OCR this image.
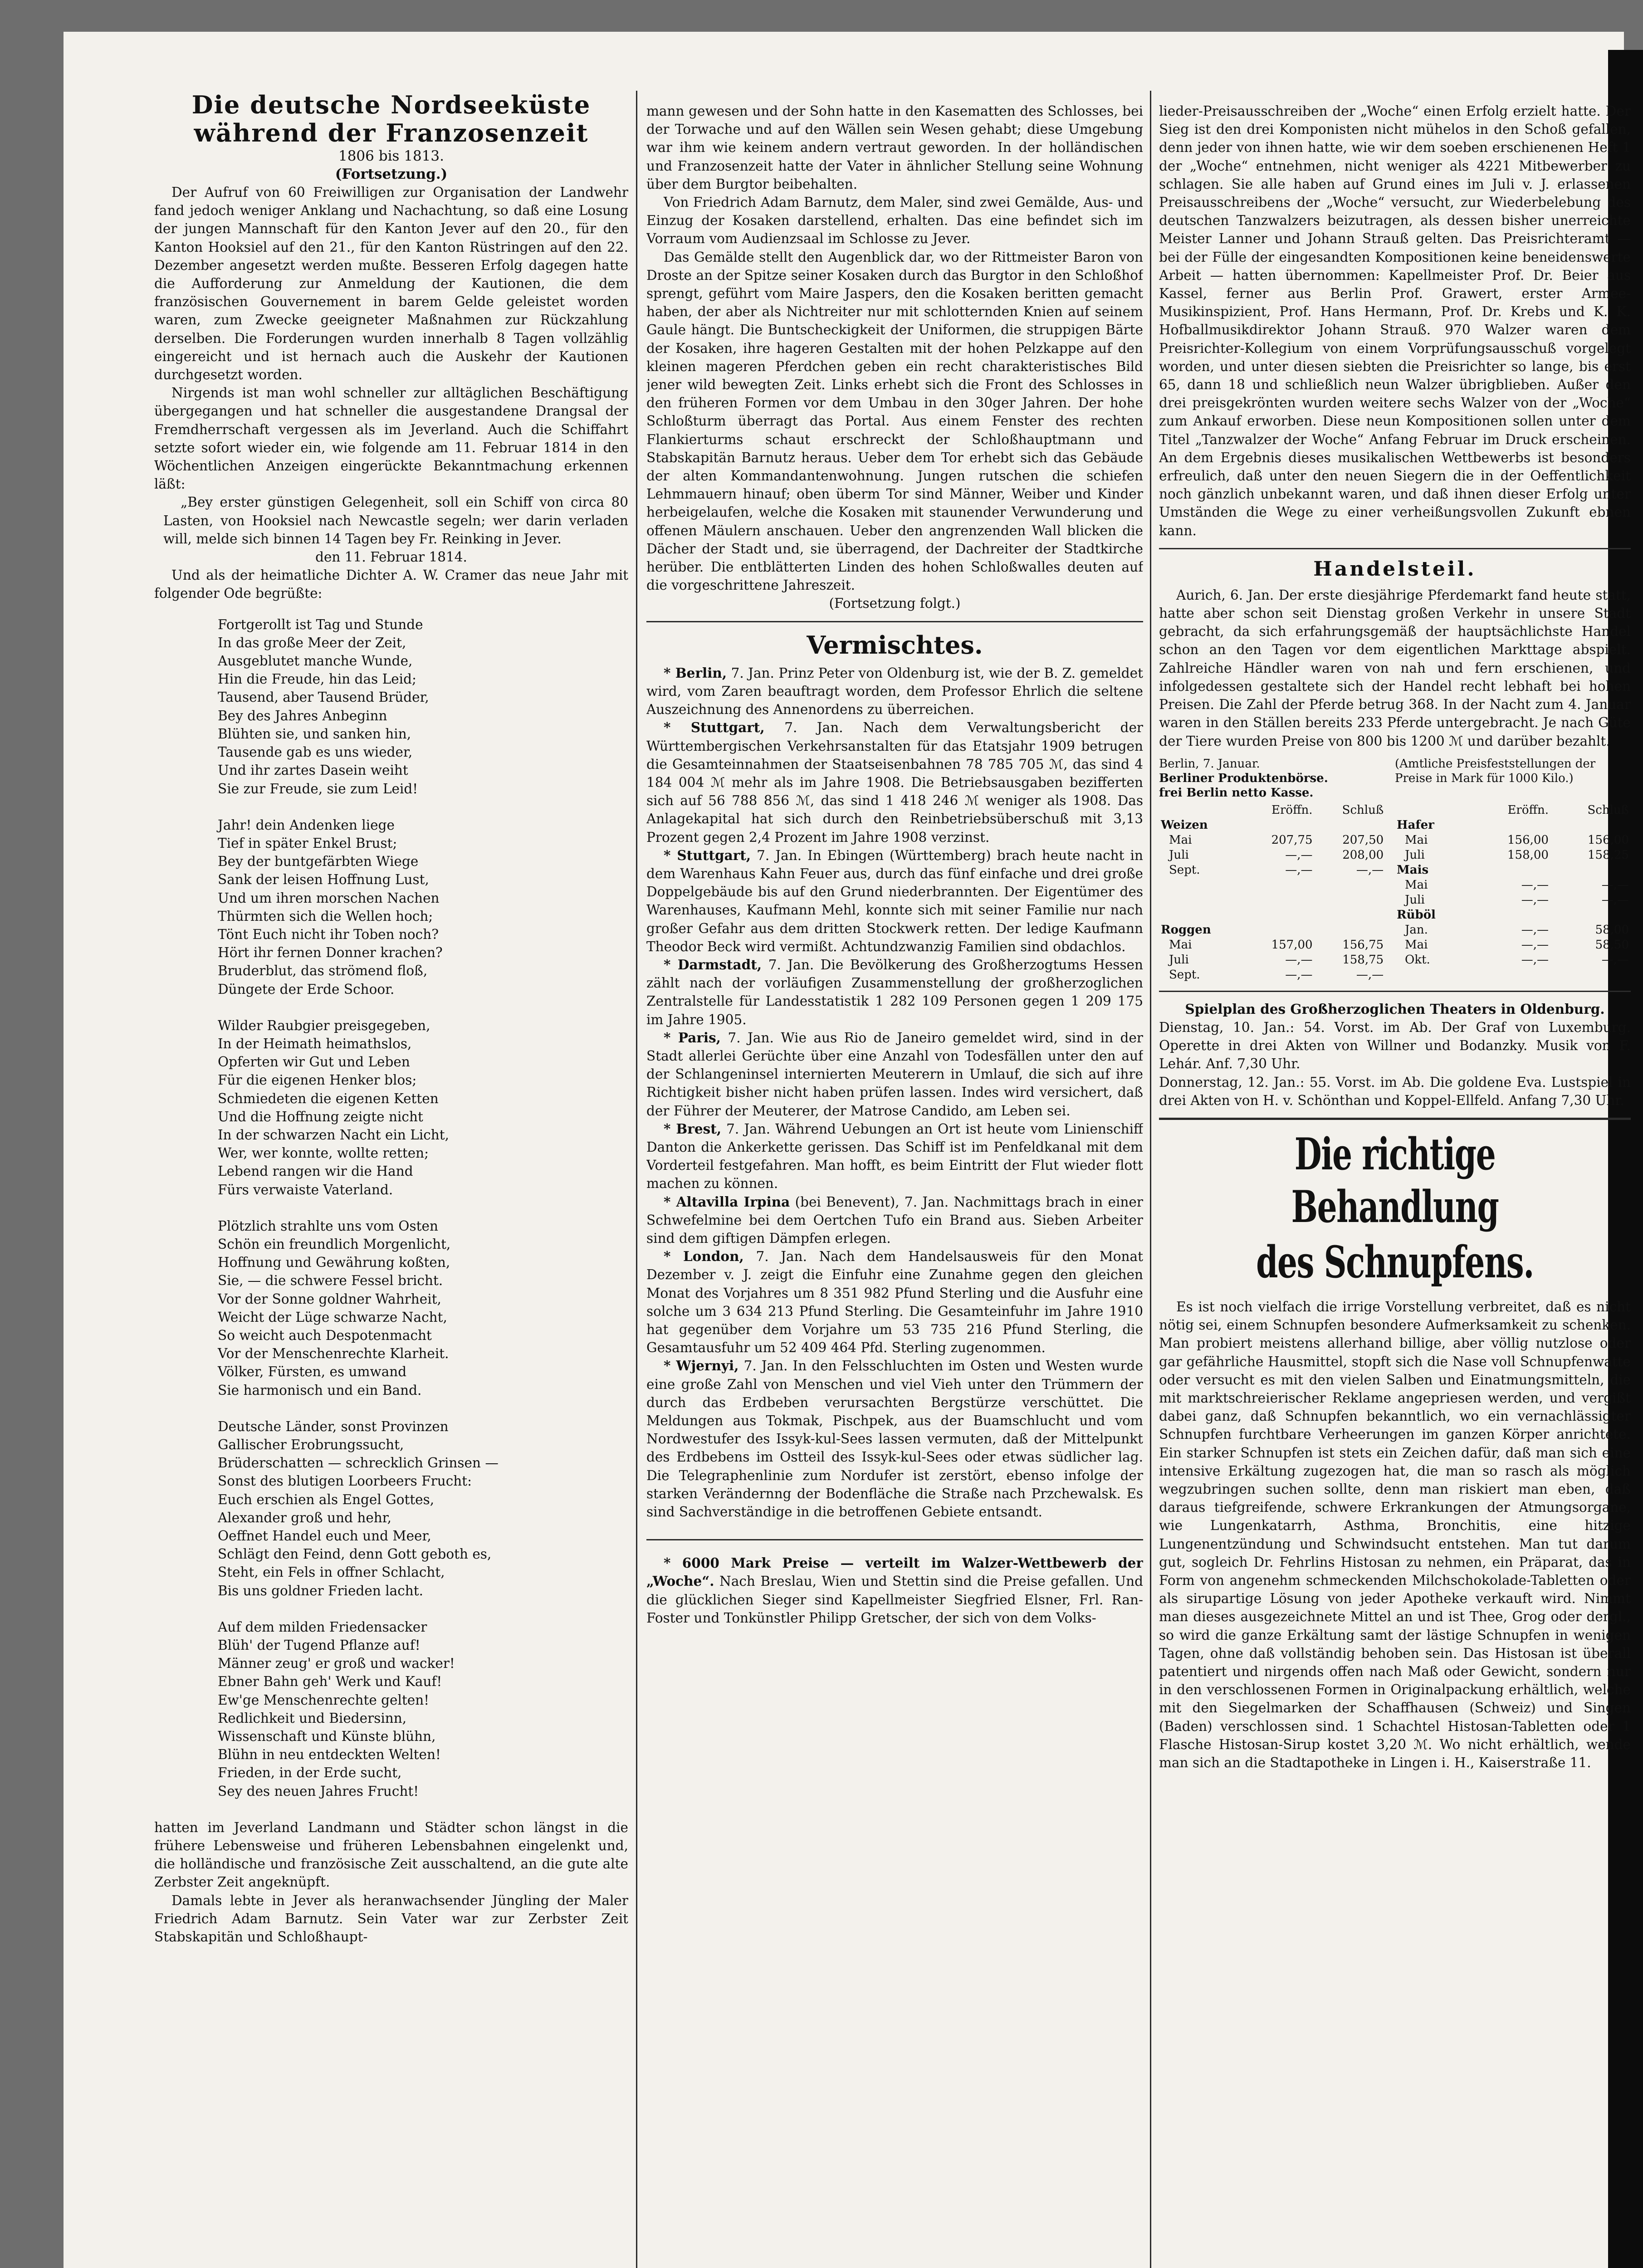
Die deutsche Nordseeküste
während der Franzosenzeit

1806 bis 1813.

(Fortsetzung.)

Der Aufruf von 60 Freiwilligen zur Organisation der Landwehr fand jedoch weniger Anklang und Nachachtung, so daß eine Losung der jungen Mannschaft für den Kanton Jever auf den 20., für den Kanton Hooksiel auf den 21., für den Kanton Rüstringen auf den 22. Dezember angesetzt werden mußte. Besseren Erfolg dagegen hatte die Aufforderung zur Anmeldung der Kautionen, die dem französischen Gouvernement in barem Gelde geleistet worden waren, zum Zwecke geeigneter Maßnahmen zur Rückzahlung derselben. Die Forderungen wurden innerhalb 8 Tagen vollzählig eingereicht und ist hernach auch die Auskehr der Kautionen durchgesetzt worden.

Nirgends ist man wohl schneller zur alltäglichen Beschäftigung übergegangen und hat schneller die ausgestandene Drangsal der Fremdherrschaft vergessen als im Jeverland. Auch die Schiffahrt setzte sofort wieder ein, wie folgende am 11. Februar 1814 in den Wöchentlichen Anzeigen eingerückte Bekanntmachung erkennen läßt:

„Bey erster günstigen Gelegenheit, soll ein Schiff von circa 80 Lasten, von Hooksiel nach Newcastle segeln; wer darin verladen will, melde sich binnen 14 Tagen bey Fr. Reinking in Jever.

den 11. Februar 1814.

Und als der heimatliche Dichter A. W. Cramer das neue Jahr mit folgender Ode begrüßte:

Fortgerollt ist Tag und Stunde
In das große Meer der Zeit,
Ausgeblutet manche Wunde,
Hin die Freude, hin das Leid;
Tausend, aber Tausend Brüder,
Bey des Jahres Anbeginn
Blühten sie, und sanken hin,
Tausende gab es uns wieder,
Und ihr zartes Dasein weiht
Sie zur Freude, sie zum Leid!

Jahr! dein Andenken liege
Tief in später Enkel Brust;
Bey der buntgefärbten Wiege
Sank der leisen Hoffnung Lust,
Und um ihren morschen Nachen
Thürmten sich die Wellen hoch;
Tönt Euch nicht ihr Toben noch?
Hört ihr fernen Donner krachen?
Bruderblut, das strömend floß,
Düngete der Erde Schoor.

Wilder Raubgier preisgegeben,
In der Heimath heimathslos,
Opferten wir Gut und Leben
Für die eigenen Henker blos;
Schmiedeten die eigenen Ketten
Und die Hoffnung zeigte nicht
In der schwarzen Nacht ein Licht,
Wer, wer konnte, wollte retten;
Lebend rangen wir die Hand
Fürs verwaiste Vaterland.

Plötzlich strahlte uns vom Osten
Schön ein freundlich Morgenlicht,
Hoffnung und Gewährung koßten,
Sie, — die schwere Fessel bricht.
Vor der Sonne goldner Wahrheit,
Weicht der Lüge schwarze Nacht,
So weicht auch Despotenmacht
Vor der Menschenrechte Klarheit.
Völker, Fürsten, es umwand
Sie harmonisch und ein Band.

Deutsche Länder, sonst Provinzen
Gallischer Erobrungssucht,
Brüderschatten — schrecklich Grinsen —
Sonst des blutigen Loorbeers Frucht:
Euch erschien als Engel Gottes,
Alexander groß und hehr,
Oeffnet Handel euch und Meer,
Schlägt den Feind, denn Gott geboth es,
Steht, ein Fels in offner Schlacht,
Bis uns goldner Frieden lacht.

Auf dem milden Friedensacker
Blüh' der Tugend Pflanze auf!
Männer zeug' er groß und wacker!
Ebner Bahn geh' Werk und Kauf!
Ew'ge Menschenrechte gelten!
Redlichkeit und Biedersinn,
Wissenschaft und Künste blühn,
Blühn in neu entdeckten Welten!
Frieden, in der Erde sucht,
Sey des neuen Jahres Frucht!

hatten im Jeverland Landmann und Städter schon längst in die frühere Lebensweise und früheren Lebensbahnen eingelenkt und, die holländische und französische Zeit ausschaltend, an die gute alte Zerbster Zeit angeknüpft.

Damals lebte in Jever als heranwachsender Jüngling der Maler Friedrich Adam Barnutz. Sein Vater war zur Zerbster Zeit Stabskapitän und Schloßhaupt-

mann gewesen und der Sohn hatte in den Kasematten des Schlosses, bei der Torwache und auf den Wällen sein Wesen gehabt; diese Umgebung war ihm wie keinem andern vertraut geworden. In der holländischen und Franzosenzeit hatte der Vater in ähnlicher Stellung seine Wohnung über dem Burgtor beibehalten.

Von Friedrich Adam Barnutz, dem Maler, sind zwei Gemälde, Aus- und Einzug der Kosaken darstellend, erhalten. Das eine befindet sich im Vorraum vom Audienzsaal im Schlosse zu Jever.

Das Gemälde stellt den Augenblick dar, wo der Rittmeister Baron von Droste an der Spitze seiner Kosaken durch das Burgtor in den Schloßhof sprengt, geführt vom Maire Jaspers, den die Kosaken beritten gemacht haben, der aber als Nichtreiter nur mit schlotternden Knien auf seinem Gaule hängt. Die Buntscheckigkeit der Uniformen, die struppigen Bärte der Kosaken, ihre hageren Gestalten mit der hohen Pelzkappe auf den kleinen mageren Pferdchen geben ein recht charakteristisches Bild jener wild bewegten Zeit. Links erhebt sich die Front des Schlosses in den früheren Formen vor dem Umbau in den 30ger Jahren. Der hohe Schloßturm überragt das Portal. Aus einem Fenster des rechten Flankierturms schaut erschreckt der Schloßhauptmann und Stabskapitän Barnutz heraus. Ueber dem Tor erhebt sich das Gebäude der alten Kommandantenwohnung. Jungen rutschen die schiefen Lehmmauern hinauf; oben überm Tor sind Männer, Weiber und Kinder herbeigelaufen, welche die Kosaken mit staunender Verwunderung und offenen Mäulern anschauen. Ueber den angrenzenden Wall blicken die Dächer der Stadt und, sie überragend, der Dachreiter der Stadtkirche herüber. Die entblätterten Linden des hohen Schloßwalles deuten auf die vorgeschrittene Jahreszeit.

(Fortsetzung folgt.)

Vermischtes.

* Berlin, 7. Jan. Prinz Peter von Oldenburg ist, wie der B. Z. gemeldet wird, vom Zaren beauftragt worden, dem Professor Ehrlich die seltene Auszeichnung des Annenordens zu überreichen.

* Stuttgart, 7. Jan. Nach dem Verwaltungsbericht der Württembergischen Verkehrsanstalten für das Etatsjahr 1909 betrugen die Gesamteinnahmen der Staatseisenbahnen 78 785 705 ℳ, das sind 4 184 004 ℳ mehr als im Jahre 1908. Die Betriebsausgaben bezifferten sich auf 56 788 856 ℳ, das sind 1 418 246 ℳ weniger als 1908. Das Anlagekapital hat sich durch den Reinbetriebsüberschuß mit 3,13 Prozent gegen 2,4 Prozent im Jahre 1908 verzinst.

* Stuttgart, 7. Jan. In Ebingen (Württemberg) brach heute nacht in dem Warenhaus Kahn Feuer aus, durch das fünf einfache und drei große Doppelgebäude bis auf den Grund niederbrannten. Der Eigentümer des Warenhauses, Kaufmann Mehl, konnte sich mit seiner Familie nur nach großer Gefahr aus dem dritten Stockwerk retten. Der ledige Kaufmann Theodor Beck wird vermißt. Achtundzwanzig Familien sind obdachlos.

* Darmstadt, 7. Jan. Die Bevölkerung des Großherzogtums Hessen zählt nach der vorläufigen Zusammenstellung der großherzoglichen Zentralstelle für Landesstatistik 1 282 109 Personen gegen 1 209 175 im Jahre 1905.

* Paris, 7. Jan. Wie aus Rio de Janeiro gemeldet wird, sind in der Stadt allerlei Gerüchte über eine Anzahl von Todesfällen unter den auf der Schlangeninsel internierten Meuterern in Umlauf, die sich auf ihre Richtigkeit bisher nicht haben prüfen lassen. Indes wird versichert, daß der Führer der Meuterer, der Matrose Candido, am Leben sei.

* Brest, 7. Jan. Während Uebungen an Ort ist heute vom Linienschiff Danton die Ankerkette gerissen. Das Schiff ist im Penfeldkanal mit dem Vorderteil festgefahren. Man hofft, es beim Eintritt der Flut wieder flott machen zu können.

* Altavilla Irpina (bei Benevent), 7. Jan. Nachmittags brach in einer Schwefelmine bei dem Oertchen Tufo ein Brand aus. Sieben Arbeiter sind dem giftigen Dämpfen erlegen.

* London, 7. Jan. Nach dem Handelsausweis für den Monat Dezember v. J. zeigt die Einfuhr eine Zunahme gegen den gleichen Monat des Vorjahres um 8 351 982 Pfund Sterling und die Ausfuhr eine solche um 3 634 213 Pfund Sterling. Die Gesamteinfuhr im Jahre 1910 hat gegenüber dem Vorjahre um 53 735 216 Pfund Sterling, die Gesamtausfuhr um 52 409 464 Pfd. Sterling zugenommen.

* Wjernyi, 7. Jan. In den Felsschluchten im Osten und Westen wurde eine große Zahl von Menschen und viel Vieh unter den Trümmern der durch das Erdbeben verursachten Bergstürze verschüttet. Die Meldungen aus Tokmak, Pischpek, aus der Buamschlucht und vom Nordwestufer des Issyk-kul-Sees lassen vermuten, daß der Mittelpunkt des Erdbebens im Ostteil des Issyk-kul-Sees oder etwas südlicher lag. Die Telegraphenlinie zum Nordufer ist zerstört, ebenso infolge der starken Verändernng der Bodenfläche die Straße nach Przchewalsk. Es sind Sachverständige in die betroffenen Gebiete entsandt.

* 6000 Mark Preise — verteilt im Walzer-Wettbewerb der „Woche“. Nach Breslau, Wien und Stettin sind die Preise gefallen. Und die glücklichen Sieger sind Kapellmeister Siegfried Elsner, Frl. Ran-Foster und Tonkünstler Philipp Gretscher, der sich von dem Volks-

lieder-Preisausschreiben der „Woche“ einen Erfolg erzielt hatte. Der Sieg ist den drei Komponisten nicht mühelos in den Schoß gefallen, denn jeder von ihnen hatte, wie wir dem soeben erschienenen Heft 1 der „Woche“ entnehmen, nicht weniger als 4221 Mitbewerber zu schlagen. Sie alle haben auf Grund eines im Juli v. J. erlassenen Preisausschreibens der „Woche“ versucht, zur Wiederbelebung des deutschen Tanzwalzers beizutragen, als dessen bisher unerreichte Meister Lanner und Johann Strauß gelten. Das Preisrichteramt — bei der Fülle der eingesandten Kompositionen keine beneidenswerte Arbeit — hatten übernommen: Kapellmeister Prof. Dr. Beier aus Kassel, ferner aus Berlin Prof. Grawert, erster Armee-Musikinspizient, Prof. Hans Hermann, Prof. Dr. Krebs und K. K. Hofballmusikdirektor Johann Strauß. 970 Walzer waren dem Preisrichter-Kollegium von einem Vorprüfungsausschuß vorgelegt worden, und unter diesen siebten die Preisrichter so lange, bis erst 65, dann 18 und schließlich neun Walzer übrigblieben. Außer den drei preisgekrönten wurden weitere sechs Walzer von der „Woche“ zum Ankauf erworben. Diese neun Kompositionen sollen unter dem Titel „Tanzwalzer der Woche“ Anfang Februar im Druck erscheinen. An dem Ergebnis dieses musikalischen Wettbewerbs ist besonders erfreulich, daß unter den neuen Siegern die in der Oeffentlichkeit noch gänzlich unbekannt waren, und daß ihnen dieser Erfolg unter Umständen die Wege zu einer verheißungsvollen Zukunft ebnen kann.

Handelsteil.

Aurich, 6. Jan. Der erste diesjährige Pferdemarkt fand heute statt, hatte aber schon seit Dienstag großen Verkehr in unsere Stadt gebracht, da sich erfahrungsgemäß der hauptsächlichste Handel schon an den Tagen vor dem eigentlichen Markttage abspielt. Zahlreiche Händler waren von nah und fern erschienen, und infolgedessen gestaltete sich der Handel recht lebhaft bei hohen Preisen. Die Zahl der Pferde betrug 368. In der Nacht zum 4. Januar waren in den Ställen bereits 233 Pferde untergebracht. Je nach Güte der Tiere wurden Preise von 800 bis 1200 ℳ und darüber bezahlt.

Berlin, 7. Januar.
Berliner Produktenbörse.
frei Berlin netto Kasse.
(Amtliche Preisfeststellungen der Preise in Mark für 1000 Kilo.)
	Eröffn.	Schluß
Weizen		
Mai	207,75	207,50
Juli	—,—	208,00
Sept.	—,—	—,—

Roggen		
Mai	157,00	156,75
Juli	—,—	158,75
Sept.	—,—	—,—
	Eröffn.	Schluß
Hafer		
Mai	156,00	156,00
Juli	158,00	158,25
Mais		
Mai	—,—	—,—
Juli	—,—	—,—
Rüböl		
Jan.	—,—	58,00
Mai	—,—	58,50
Okt.	—,—	—,—

Spielplan des Großherzoglichen Theaters in Oldenburg.

Dienstag, 10. Jan.: 54. Vorst. im Ab. Der Graf von Luxemburg. Operette in drei Akten von Willner und Bodanzky. Musik von F. Lehár. Anf. 7,30 Uhr.

Donnerstag, 12. Jan.: 55. Vorst. im Ab. Die goldene Eva. Lustspiel in drei Akten von H. v. Schönthan und Koppel-Ellfeld. Anfang 7,30 Uhr.

Die richtige Behandlung
des Schnupfens.

Es ist noch vielfach die irrige Vorstellung verbreitet, daß es nicht nötig sei, einem Schnupfen besondere Aufmerksamkeit zu schenken. Man probiert meistens allerhand billige, aber völlig nutzlose oder gar gefährliche Hausmittel, stopft sich die Nase voll Schnupfenwatte oder versucht es mit den vielen Salben und Einatmungsmitteln, die mit marktschreierischer Reklame angepriesen werden, und vergißt dabei ganz, daß Schnupfen bekanntlich, wo ein vernachlässigter Schnupfen furchtbare Verheerungen im ganzen Körper anrichtete. Ein starker Schnupfen ist stets ein Zeichen dafür, daß man sich eine intensive Erkältung zugezogen hat, die man so rasch als möglich wegzubringen suchen sollte, denn man riskiert man eben, daß daraus tiefgreifende, schwere Erkrankungen der Atmungsorgane, wie Lungenkatarrh, Asthma, Bronchitis, eine hitzige Lungenentzündung und Schwindsucht entstehen. Man tut darum gut, sogleich Dr. Fehrlins Histosan zu nehmen, ein Präparat, das in Form von angenehm schmeckenden Milchschokolade-Tabletten oder als sirupartige Lösung von jeder Apotheke verkauft wird. Nimmt man dieses ausgezeichnete Mittel an und ist Thee, Grog oder dergl., so wird die ganze Erkältung samt der lästige Schnupfen in wenigen Tagen, ohne daß vollständig behoben sein. Das Histosan ist überall patentiert und nirgends offen nach Maß oder Gewicht, sondern nur in den verschlossenen Formen in Originalpackung erhältlich, welche mit den Siegelmarken der Schaffhausen (Schweiz) und Singen (Baden) verschlossen sind. 1 Schachtel Histosan-Tabletten oder 1 Flasche Histosan-Sirup kostet 3,20 ℳ. Wo nicht erhältlich, wende man sich an die Stadtapotheke in Lingen i. H., Kaiserstraße 11.
